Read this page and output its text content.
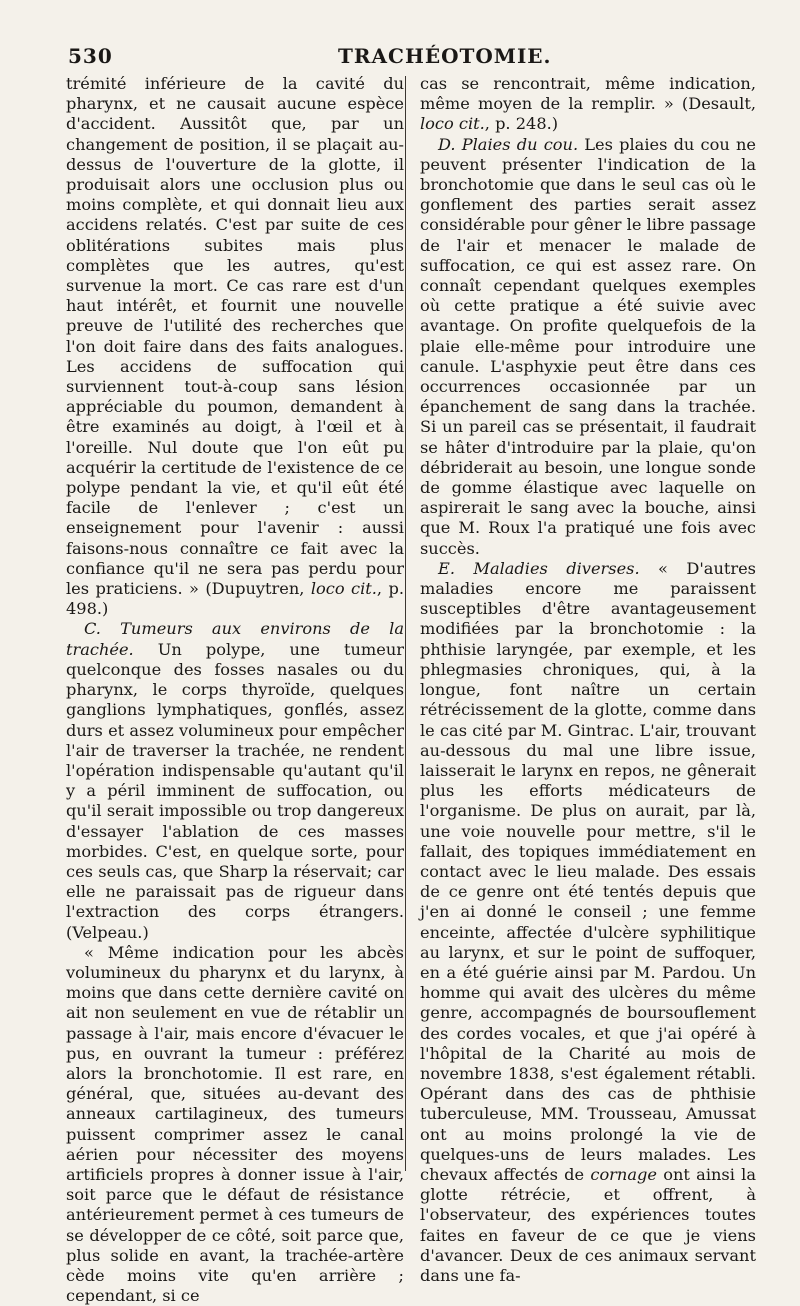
530	TRACHÉOTOMIE.

trémité inférieure de la cavité du pharynx, et ne causait aucune espèce d'accident. Aussitôt que, par un changement de position, il se plaçait au-dessus de l'ouverture de la glotte, il produisait alors une occlusion plus ou moins complète, et qui donnait lieu aux accidens relatés. C'est par suite de ces oblitérations subites mais plus complètes que les autres, qu'est survenue la mort. Ce cas rare est d'un haut intérêt, et fournit une nouvelle preuve de l'utilité des recherches que l'on doit faire dans des faits analogues. Les accidens de suffocation qui surviennent tout-à-coup sans lésion appréciable du poumon, demandent à être examinés au doigt, à l'œil et à l'oreille. Nul doute que l'on eût pu acquérir la certitude de l'existence de ce polype pendant la vie, et qu'il eût été facile de l'enlever ; c'est un enseignement pour l'avenir : aussi faisons-nous connaître ce fait avec la confiance qu'il ne sera pas perdu pour les praticiens. » (Dupuytren, loco cit., p. 498.)

C. Tumeurs aux environs de la trachée. Un polype, une tumeur quelconque des fosses nasales ou du pharynx, le corps thyroïde, quelques ganglions lymphatiques, gonflés, assez durs et assez volumineux pour empêcher l'air de traverser la trachée, ne rendent l'opération indispensable qu'autant qu'il y a péril imminent de suffocation, ou qu'il serait impossible ou trop dangereux d'essayer l'ablation de ces masses morbides. C'est, en quelque sorte, pour ces seuls cas, que Sharp la réservait; car elle ne paraissait pas de rigueur dans l'extraction des corps étrangers. (Velpeau.)

« Même indication pour les abcès volumineux du pharynx et du larynx, à moins que dans cette dernière cavité on ait non seulement en vue de rétablir un passage à l'air, mais encore d'évacuer le pus, en ouvrant la tumeur : préférez alors la bronchotomie. Il est rare, en général, que, situées au-devant des anneaux cartilagineux, des tumeurs puissent comprimer assez le canal aérien pour nécessiter des moyens artificiels propres à donner issue à l'air, soit parce que le défaut de résistance antérieurement permet à ces tumeurs de se développer de ce côté, soit parce que, plus solide en avant, la trachée-artère cède moins vite qu'en arrière ; cependant, si ce

cas se rencontrait, même indication, même moyen de la remplir. » (Desault, loco cit., p. 248.)

D. Plaies du cou. Les plaies du cou ne peuvent présenter l'indication de la bronchotomie que dans le seul cas où le gonflement des parties serait assez considérable pour gêner le libre passage de l'air et menacer le malade de suffocation, ce qui est assez rare. On connaît cependant quelques exemples où cette pratique a été suivie avec avantage. On profite quelquefois de la plaie elle-même pour introduire une canule. L'asphyxie peut être dans ces occurrences occasionnée par un épanchement de sang dans la trachée. Si un pareil cas se présentait, il faudrait se hâter d'introduire par la plaie, qu'on débriderait au besoin, une longue sonde de gomme élastique avec laquelle on aspirerait le sang avec la bouche, ainsi que M. Roux l'a pratiqué une fois avec succès.

E. Maladies diverses. « D'autres maladies encore me paraissent susceptibles d'être avantageusement modifiées par la bronchotomie : la phthisie laryngée, par exemple, et les phlegmasies chroniques, qui, à la longue, font naître un certain rétrécissement de la glotte, comme dans le cas cité par M. Gintrac. L'air, trouvant au-dessous du mal une libre issue, laisserait le larynx en repos, ne gênerait plus les efforts médicateurs de l'organisme. De plus on aurait, par là, une voie nouvelle pour mettre, s'il le fallait, des topiques immédiatement en contact avec le lieu malade. Des essais de ce genre ont été tentés depuis que j'en ai donné le conseil ; une femme enceinte, affectée d'ulcère syphilitique au larynx, et sur le point de suffoquer, en a été guérie ainsi par M. Pardou. Un homme qui avait des ulcères du même genre, accompagnés de boursouflement des cordes vocales, et que j'ai opéré à l'hôpital de la Charité au mois de novembre 1838, s'est également rétabli. Opérant dans des cas de phthisie tuberculeuse, MM. Trousseau, Amussat ont au moins prolongé la vie de quelques-uns de leurs malades. Les chevaux affectés de cornage ont ainsi la glotte rétrécie, et offrent, à l'observateur, des expériences toutes faites en faveur de ce que je viens d'avancer. Deux de ces animaux servant dans une fa-
